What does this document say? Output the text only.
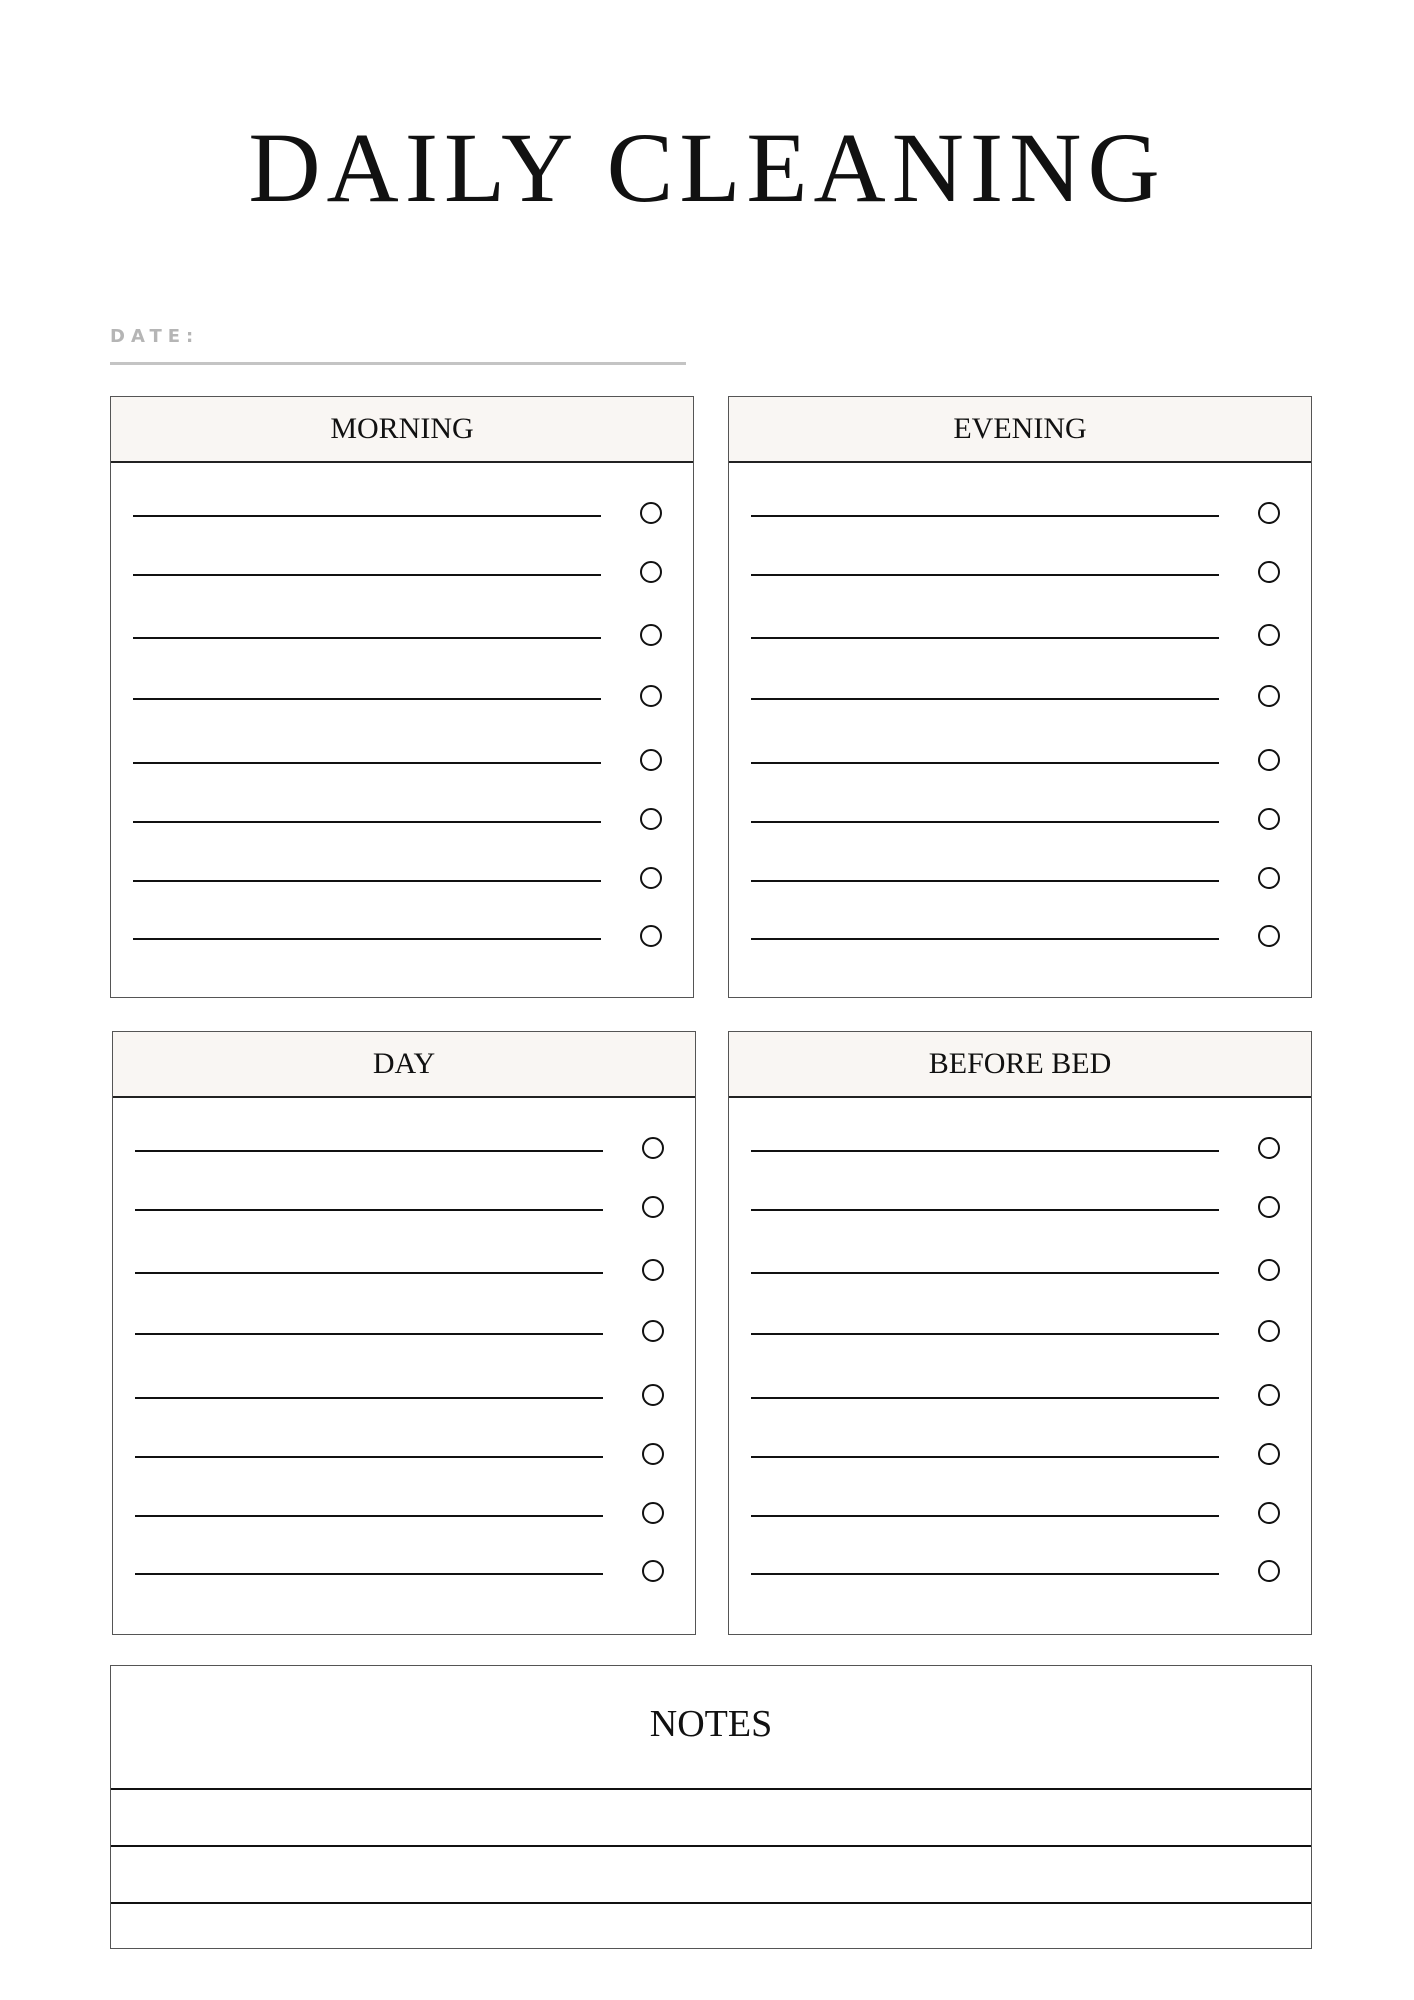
DAILY CLEANING
DATE:
MORNING	EVENING
DAY	BEFORE BED
NOTES
